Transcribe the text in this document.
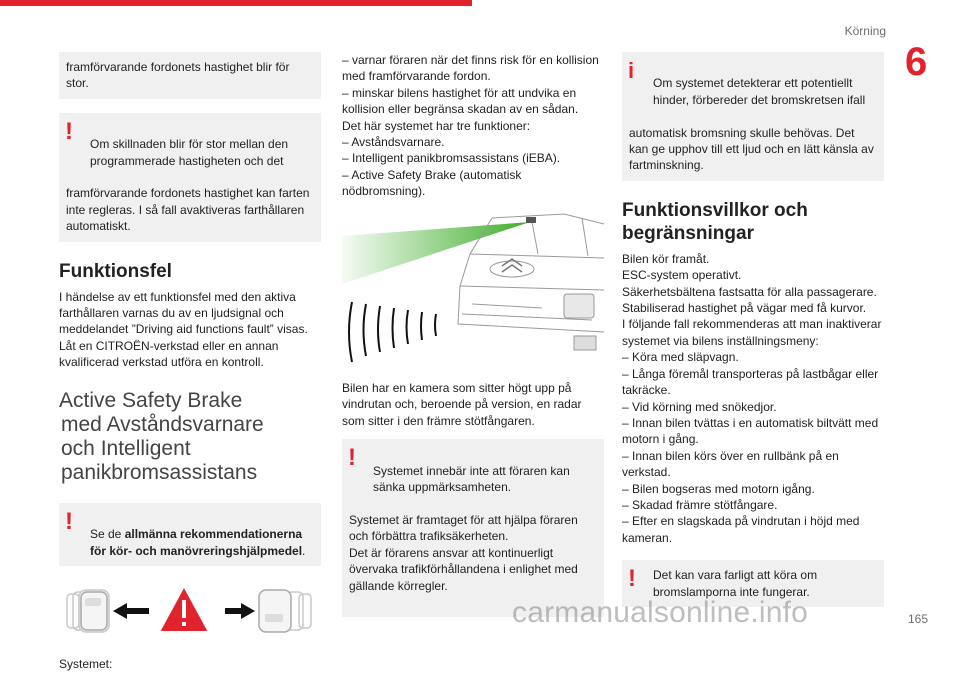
Körning
6

framförvarande fordonets hastighet blir för stor.

!	Om skillnaden blir för stor mellan den programmerade hastigheten och det

framförvarande fordonets hastighet kan farten inte regleras. I så fall avaktiveras farthållaren automatiskt.

Funktionsfel

I händelse av ett funktionsfel med den aktiva farthållaren varnas du av en ljudsignal och meddelandet ”Driving aid functions fault” visas.
Låt en CITROËN-verkstad eller en annan kvalificerad verkstad utföra en kontroll.

Active Safety Brake
med Avståndsvarnare
och Intelligent
panikbromsassistans
!	Se de allmänna rekommendationerna för kör- och manövreringshjälpmedel.

Systemet:

– varnar föraren när det finns risk för en kollision med framförvarande fordon.
– minskar bilens hastighet för att undvika en kollision eller begränsa skadan av en sådan.
Det här systemet har tre funktioner:
– Avståndsvarnare.
– Intelligent panikbromsassistans (iEBA).
– Active Safety Brake (automatisk nödbromsning).

Bilen har en kamera som sitter högt upp på vindrutan och, beroende på version, en radar som sitter i den främre stötfångaren.

!	Systemet innebär inte att föraren kan sänka uppmärksamheten.

Systemet är framtaget för att hjälpa föraren och förbättra trafiksäkerheten.
Det är förarens ansvar att kontinuerligt övervaka trafikförhållandena i enlighet med gällande körregler.

i

Om systemet detekterar ett potentiellt hinder, förbereder det bromskretsen ifall

automatisk bromsning skulle behövas. Det kan ge upphov till ett ljud och en lätt känsla av fartminskning.

Funktionsvillkor och begränsningar

Bilen kör framåt.
ESC-system operativt.
Säkerhetsbältena fastsatta för alla passagerare.
Stabiliserad hastighet på vägar med få kurvor.
I följande fall rekommenderas att man inaktiverar systemet via bilens inställningsmeny:
– Köra med släpvagn.
– Långa föremål transporteras på lastbågar eller takräcke.
– Vid körning med snökedjor.
– Innan bilen tvättas i en automatisk biltvätt med motorn i gång.
– Innan bilen körs över en rullbänk på en verkstad.
– Bilen bogseras med motorn igång.
– Skadad främre stötfångare.
– Efter en slagskada på vindrutan i höjd med kameran.

!	Det kan vara farligt att köra om bromslamporna inte fungerar.

165
carmanualsonline.info
